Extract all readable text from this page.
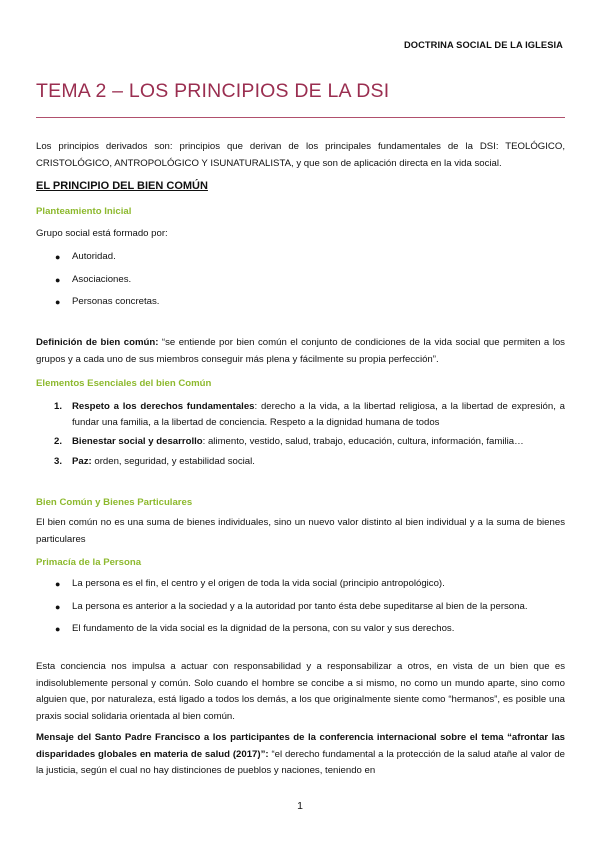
DOCTRINA SOCIAL DE LA IGLESIA
TEMA 2 – LOS PRINCIPIOS DE LA DSI
Los principios derivados son: principios que derivan de los principales fundamentales de la DSI: TEOLÓGICO, CRISTOLÓGICO, ANTROPOLÓGICO Y ISUNATURALISTA, y que son de aplicación directa en la vida social.
EL PRINCIPIO DEL BIEN COMÚN
Planteamiento Inicial
Grupo social está formado por:
● Autoridad.
● Asociaciones.
● Personas concretas.
Definición de bien común: “se entiende por bien común el conjunto de condiciones de la vida social que permiten a los grupos y a cada uno de sus miembros conseguir más plena y fácilmente su propia perfección”.
Elementos Esenciales del bien Común
1. Respeto a los derechos fundamentales: derecho a la vida, a la libertad religiosa, a la libertad de expresión, a fundar una familia, a la libertad de conciencia. Respeto a la dignidad humana de todos
2. Bienestar social y desarrollo: alimento, vestido, salud, trabajo, educación, cultura, información, familia…
3. Paz: orden, seguridad, y estabilidad social.
Bien Común y Bienes Particulares
El bien común no es una suma de bienes individuales, sino un nuevo valor distinto al bien individual y a la suma de bienes particulares
Primacía de la Persona
● La persona es el fin, el centro y el origen de toda la vida social (principio antropológico).
● La persona es anterior a la sociedad y a la autoridad por tanto ésta debe supeditarse al bien de la persona.
● El fundamento de la vida social es la dignidad de la persona, con su valor y sus derechos.
Esta conciencia nos impulsa a actuar con responsabilidad y a responsabilizar a otros, en vista de un bien que es indisolublemente personal y común. Solo cuando el hombre se concibe a si mismo, no como un mundo aparte, sino como alguien que, por naturaleza, está ligado a todos los demás, a los que originalmente siente como “hermanos”, es posible una praxis social solidaria orientada al bien común.
Mensaje del Santo Padre Francisco a los participantes de la conferencia internacional sobre el tema “afrontar las disparidades globales en materia de salud (2017)”: “el derecho fundamental a la protección de la salud atañe al valor de la justicia, según el cual no hay distinciones de pueblos y naciones, teniendo en
1
